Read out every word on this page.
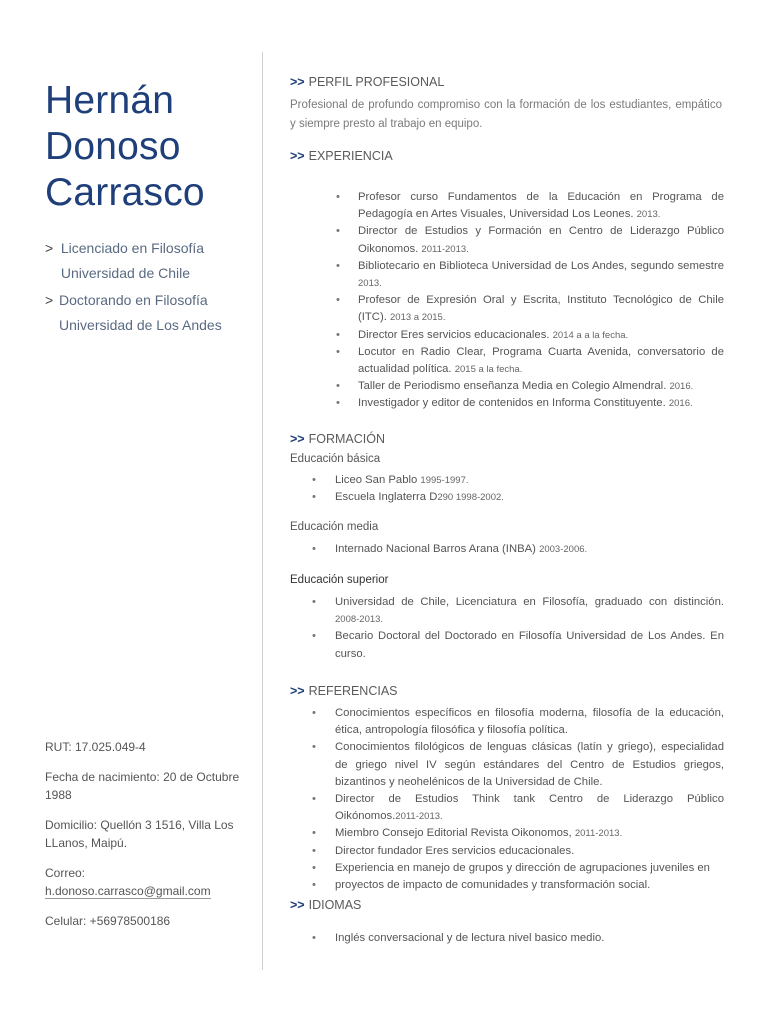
Hernán
Donoso
Carrasco
> Licenciado en Filosofía Universidad de Chile
> Doctorando en Filosofía Universidad de Los Andes
RUT: 17.025.049-4
Fecha de nacimiento: 20 de Octubre 1988
Domicilio: Quellón 3 1516, Villa Los LLanos, Maipú.
Correo:
h.donoso.carrasco@gmail.com
Celular: +56978500186
>> PERFIL PROFESIONAL
Profesional de profundo compromiso con la formación de los estudiantes, empático y siempre presto al trabajo en equipo.
>> EXPERIENCIA
• Profesor curso Fundamentos de la Educación en Programa de Pedagogía en Artes Visuales, Universidad Los Leones. 2013.
• Director de Estudios y Formación en Centro de Liderazgo Público Oikonomos. 2011-2013.
• Bibliotecario en Biblioteca Universidad de Los Andes, segundo semestre 2013.
• Profesor de Expresión Oral y Escrita, Instituto Tecnológico de Chile (ITC). 2013 a 2015.
• Director Eres servicios educacionales. 2014 a a la fecha.
• Locutor en Radio Clear, Programa Cuarta Avenida, conversatorio de actualidad política. 2015 a la fecha.
• Taller de Periodismo enseñanza Media en Colegio Almendral. 2016.
• Investigador y editor de contenidos en Informa Constituyente. 2016.
>> FORMACIÓN
Educación básica
• Liceo San Pablo 1995-1997.
• Escuela Inglaterra D290 1998-2002.
Educación media
• Internado Nacional Barros Arana (INBA) 2003-2006.
Educación superior
• Universidad de Chile, Licenciatura en Filosofía, graduado con distinción. 2008-2013.
• Becario Doctoral del Doctorado en Filosofía Universidad de Los Andes. En curso.
>> REFERENCIAS
• Conocimientos específicos en filosofía moderna, filosofía de la educación, ética, antropología filosófica y filosofía política.
• Conocimientos filológicos de lenguas clásicas (latín y griego), especialidad de griego nivel IV según estándares del Centro de Estudios griegos, bizantinos y neohelénicos de la Universidad de Chile.
• Director de Estudios Think tank Centro de Liderazgo Público Oikónomos.2011-2013.
• Miembro Consejo Editorial Revista Oikonomos, 2011-2013.
• Director fundador Eres servicios educacionales.
• Experiencia en manejo de grupos y dirección de agrupaciones juveniles en
• proyectos de impacto de comunidades y transformación social.
>> IDIOMAS
• Inglés conversacional y de lectura nivel basico medio.
